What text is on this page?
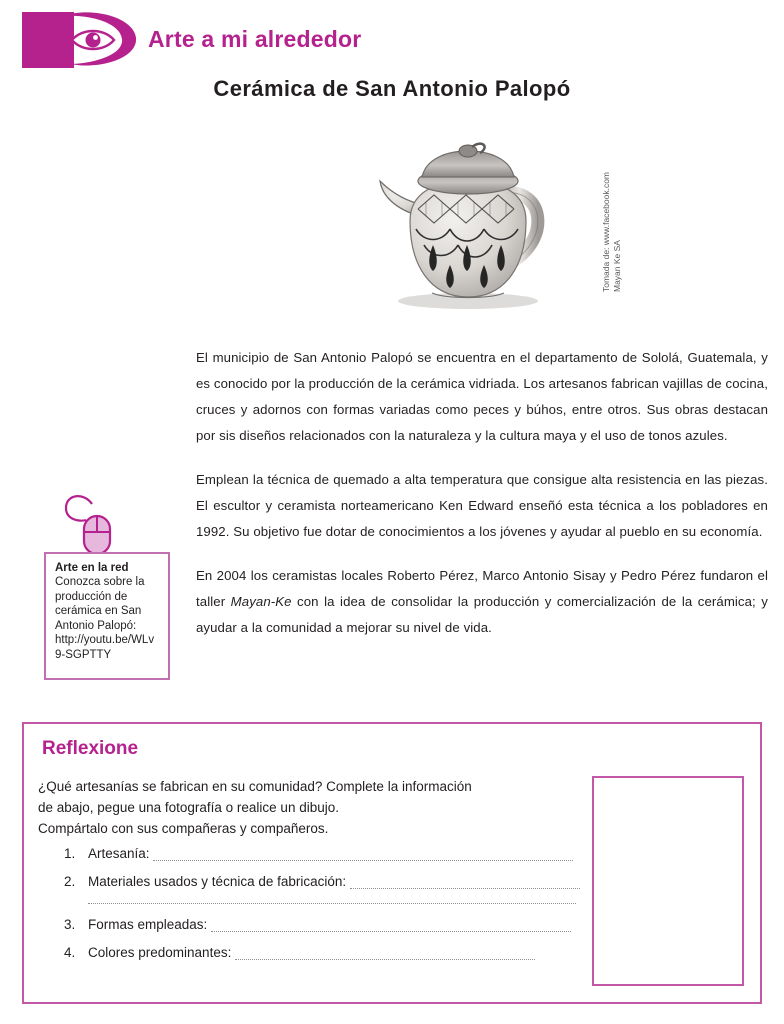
Arte a mi alrededor
Cerámica de San Antonio Palopó
Tomada de: www.facebook.com Mayan Ke SA

El municipio de San Antonio Palopó se encuentra en el departamento de Sololá, Guatemala, y es conocido por la producción de la cerámica vidriada. Los artesanos fabrican vajillas de cocina, cruces y adornos con formas variadas como peces y búhos, entre otros. Sus obras destacan por sis diseños relacionados con la naturaleza y la cultura maya y el uso de tonos azules.

Emplean la técnica de quemado a alta temperatura que consigue alta resistencia en las piezas. El escultor y ceramista norteamericano Ken Edward enseñó esta técnica a los pobladores en 1992. Su objetivo fue dotar de conocimientos a los jóvenes y ayudar al pueblo en su economía.

En 2004 los ceramistas locales Roberto Pérez, Marco Antonio Sisay y Pedro Pérez fundaron el taller Mayan-Ke con la idea de consolidar la producción y comercialización de la cerámica; y ayudar a la comunidad a mejorar su nivel de vida.

Arte en la red
Conozca sobre la producción de cerámica en San Antonio Palopó: http://youtu.be/WLv9-SGPTTY
Reflexione
¿Qué artesanías se fabrican en su comunidad? Complete la información
de abajo, pegue una fotografía o realice un dibujo.
Compártalo con sus compañeras y compañeros.
1. Artesanía:
2. Materiales usados y técnica de fabricación:
3. Formas empleadas:
4. Colores predominantes:
